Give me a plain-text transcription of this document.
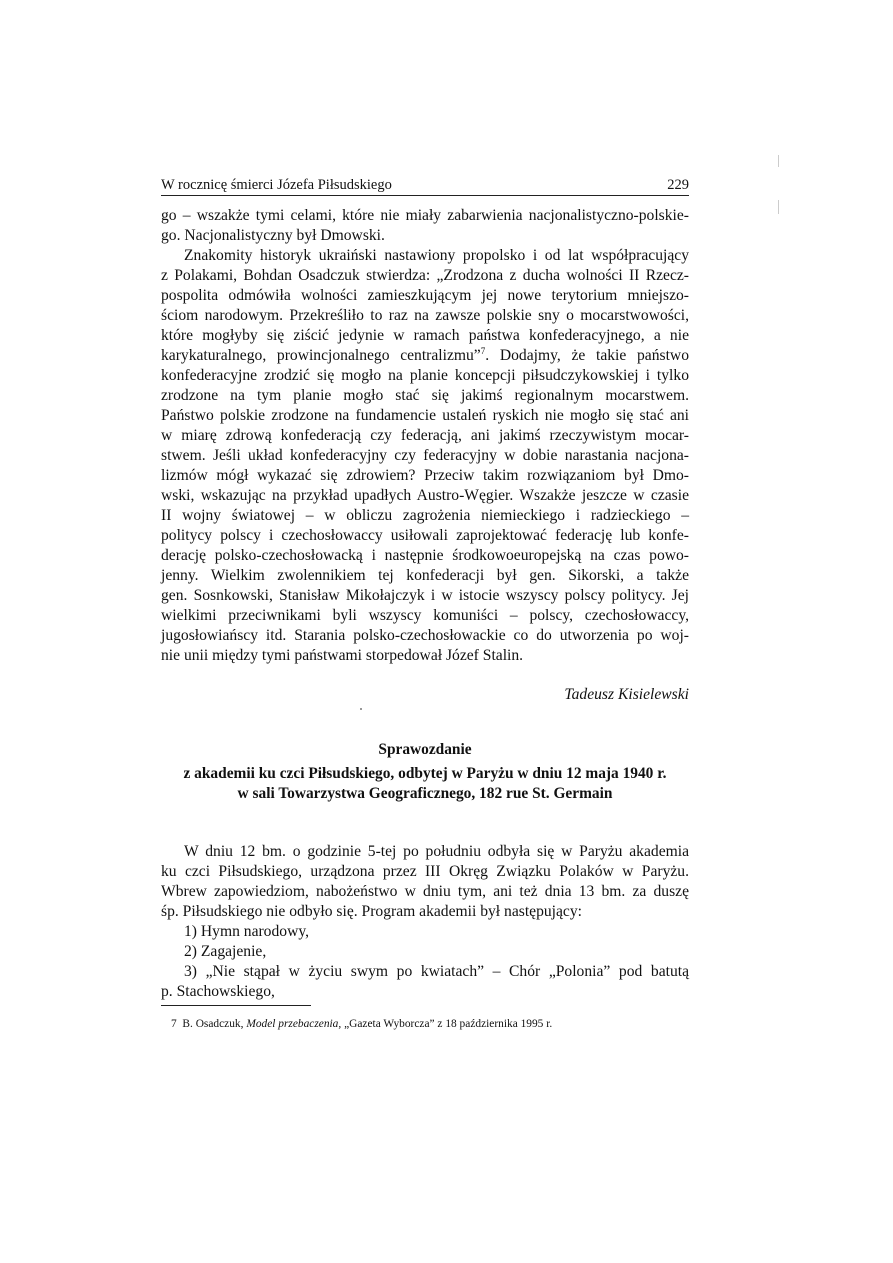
W rocznicę śmierci Józefa Piłsudskiego	229
go – wszakże tymi celami, które nie miały zabarwienia nacjonalistyczno-polskie-
go. Nacjonalistyczny był Dmowski.
Znakomity historyk ukraiński nastawiony propolsko i od lat współpracujący
z Polakami, Bohdan Osadczuk stwierdza: „Zrodzona z ducha wolności II Rzecz-
pospolita odmówiła wolności zamieszkującym jej nowe terytorium mniejszo-
ściom narodowym. Przekreśliło to raz na zawsze polskie sny o mocarstwowości,
które mogłyby się ziścić jedynie w ramach państwa konfederacyjnego, a nie
karykaturalnego, prowincjonalnego centralizmu”$^7$. Dodajmy, że takie państwo
konfederacyjne zrodzić się mogło na planie koncepcji piłsudczykowskiej i tylko
zrodzone na tym planie mogło stać się jakimś regionalnym mocarstwem.
Państwo polskie zrodzone na fundamencie ustaleń ryskich nie mogło się stać ani
w miarę zdrową konfederacją czy federacją, ani jakimś rzeczywistym mocar-
stwem. Jeśli układ konfederacyjny czy federacyjny w dobie narastania nacjona-
lizmów mógł wykazać się zdrowiem? Przeciw takim rozwiązaniom był Dmo-
wski, wskazując na przykład upadłych Austro-Węgier. Wszakże jeszcze w czasie
II wojny światowej – w obliczu zagrożenia niemieckiego i radzieckiego –
politycy polscy i czechosłowaccy usiłowali zaprojektować federację lub konfe-
derację polsko-czechosłowacką i następnie środkowoeuropejską na czas powo-
jenny. Wielkim zwolennikiem tej konfederacji był gen. Sikorski, a także
gen. Sosnkowski, Stanisław Mikołajczyk i w istocie wszyscy polscy politycy. Jej
wielkimi przeciwnikami byli wszyscy komuniści – polscy, czechosłowaccy,
jugosłowiańscy itd. Starania polsko-czechosłowackie co do utworzenia po woj-
nie unii między tymi państwami storpedował Józef Stalin.
Tadeusz Kisielewski
Sprawozdanie
z akademii ku czci Piłsudskiego, odbytej w Paryżu w dniu 12 maja 1940 r.
w sali Towarzystwa Geograficznego, 182 rue St. Germain
W dniu 12 bm. o godzinie 5-tej po południu odbyła się w Paryżu akademia
ku czci Piłsudskiego, urządzona przez III Okręg Związku Polaków w Paryżu.
Wbrew zapowiedziom, nabożeństwo w dniu tym, ani też dnia 13 bm. za duszę
śp. Piłsudskiego nie odbyło się. Program akademii był następujący:
1) Hymn narodowy,
2) Zagajenie,
3) „Nie stąpał w życiu swym po kwiatach” – Chór „Polonia” pod batutą
p. Stachowskiego,
7 B. Osadczuk, Model przebaczenia, „Gazeta Wyborcza” z 18 października 1995 r.
